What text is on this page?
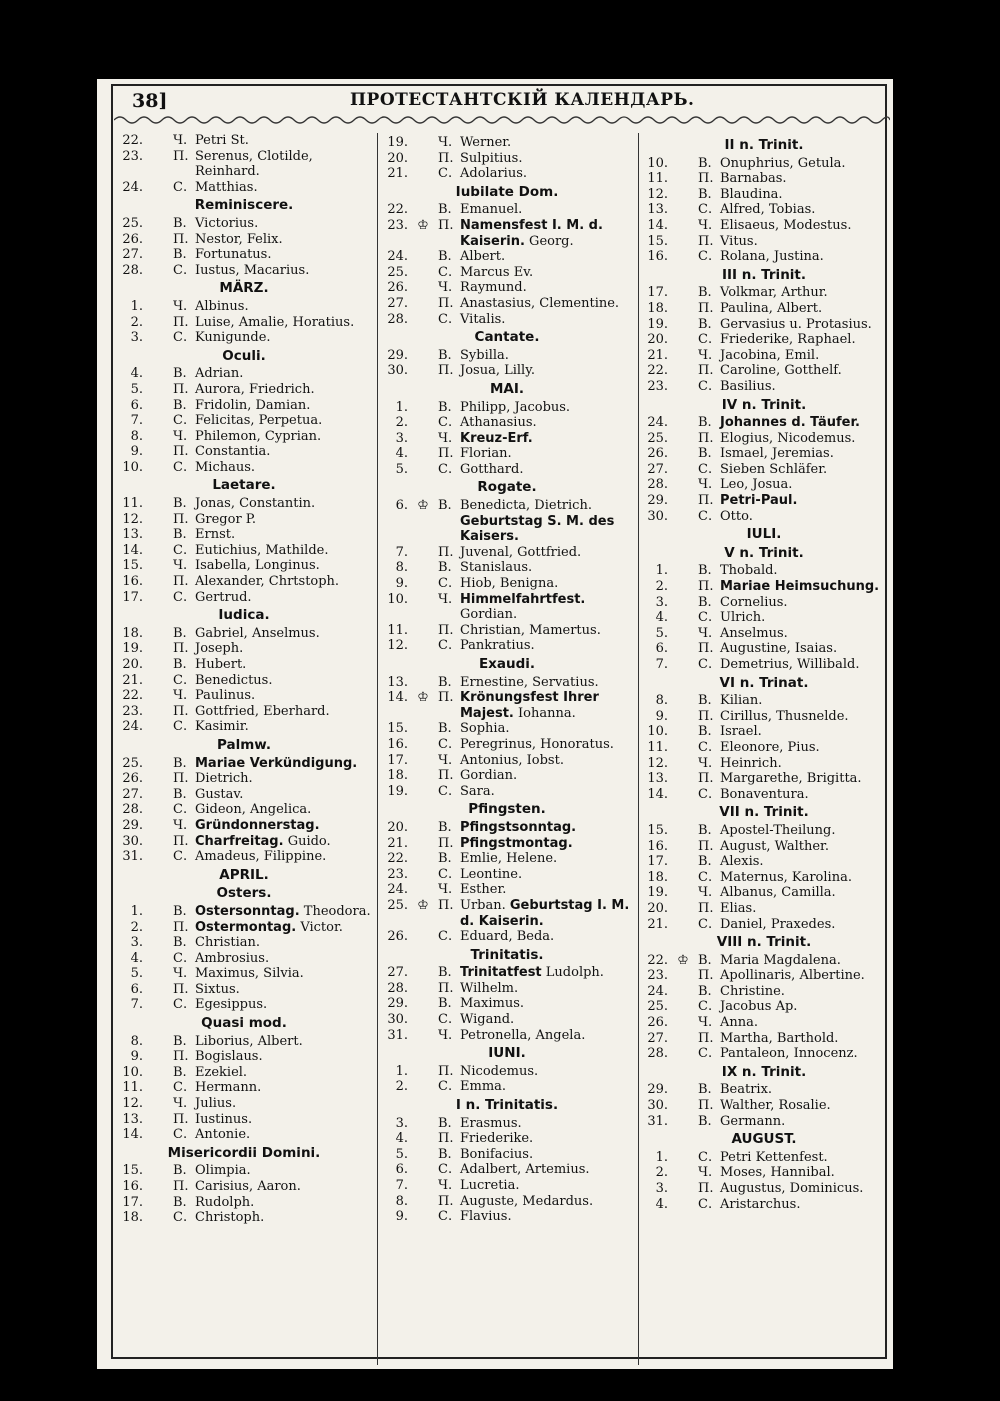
38]	ПРОТЕСТАНТСКIЙ КАЛЕНДАРЬ.
22. Ч. Petri St.
23. П. Serenus, Clotilde, Reinhard.
24. С. Matthias.
Reminiscere.
25. В. Victorius.
26. П. Nestor, Felix.
27. В. Fortunatus.
28. С. Iustus, Macarius.
MÄRZ.
1. Ч. Albinus.
2. П. Luise, Amalie, Horatius.
3. С. Kunigunde.
Oculi.
4. В. Adrian.
5. П. Aurora, Friedrich.
6. В. Fridolin, Damian.
7. С. Felicitas, Perpetua.
8. Ч. Philemon, Cyprian.
9. П. Constantia.
10. С. Michaus.
Laetare.
11. В. Jonas, Constantin.
12. П. Gregor P.
13. В. Ernst.
14. С. Eutichius, Mathilde.
15. Ч. Isabella, Longinus.
16. П. Alexander, Chrtstoph.
17. С. Gertrud.
Iudica.
18. В. Gabriel, Anselmus.
19. П. Joseph.
20. В. Hubert.
21. С. Benedictus.
22. Ч. Paulinus.
23. П. Gottfried, Eberhard.
24. С. Kasimir.
Palmw.
25. В. Mariae Verkündigung.
26. П. Dietrich.
27. В. Gustav.
28. С. Gideon, Angelica.
29. Ч. Gründonnerstag.
30. П. Charfreitag. Guido.
31. С. Amadeus, Filippine.
APRIL.
Osters.
1. В. Ostersonntag. Theodora.
2. П. Ostermontag. Victor.
3. В. Christian.
4. С. Ambrosius.
5. Ч. Maximus, Silvia.
6. П. Sixtus.
7. С. Egesippus.
Quasi mod.
8. В. Liborius, Albert.
9. П. Bogislaus.
10. В. Ezekiel.
11. С. Hermann.
12. Ч. Julius.
13. П. Iustinus.
14. С. Antonie.
Misericordii Domini.
15. В. Olimpia.
16. П. Carisius, Aaron.
17. В. Rudolph.
18. С. Christoph.
19. Ч. Werner.
20. П. Sulpitius.
21. С. Adolarius.
Iubilate Dom.
22. В. Emanuel.
23. ♔ П. Namensfest I. M. d. Kaiserin. Georg.
24. В. Albert.
25. С. Marcus Ev.
26. Ч. Raymund.
27. П. Anastasius, Clementine.
28. С. Vitalis.
Cantate.
29. В. Sybilla.
30. П. Josua, Lilly.
MAI.
1. В. Philipp, Jacobus.
2. С. Athanasius.
3. Ч. Kreuz-Erf.
4. П. Florian.
5. С. Gotthard.
Rogate.
6. ♔ В. Benedicta, Dietrich. Geburtstag S. M. des Kaisers.
7. П. Juvenal, Gottfried.
8. В. Stanislaus.
9. С. Hiob, Benigna.
10. Ч. Himmelfahrtfest. Gordian.
11. П. Christian, Mamertus.
12. С. Pankratius.
Exaudi.
13. В. Ernestine, Servatius.
14. ♔ П. Krönungsfest Ihrer Majest. Iohanna.
15. В. Sophia.
16. С. Peregrinus, Honoratus.
17. Ч. Antonius, Iobst.
18. П. Gordian.
19. С. Sara.
Pfingsten.
20. В. Pfingstsonntag.
21. П. Pfingstmontag.
22. В. Emlie, Helene.
23. С. Leontine.
24. Ч. Esther.
25. ♔ П. Urban. Geburtstag I. M. d. Kaiserin.
26. С. Eduard, Beda.
Trinitatis.
27. В. Trinitatfest Ludolph.
28. П. Wilhelm.
29. В. Maximus.
30. С. Wigand.
31. Ч. Petronella, Angela.
IUNI.
1. П. Nicodemus.
2. С. Emma.
I n. Trinitatis.
3. В. Erasmus.
4. П. Friederike.
5. В. Bonifacius.
6. С. Adalbert, Artemius.
7. Ч. Lucretia.
8. П. Auguste, Medardus.
9. С. Flavius.
II n. Trinit.
10. В. Onuphrius, Getula.
11. П. Barnabas.
12. В. Blaudina.
13. С. Alfred, Tobias.
14. Ч. Elisaeus, Modestus.
15. П. Vitus.
16. С. Rolana, Justina.
III n. Trinit.
17. В. Volkmar, Arthur.
18. П. Paulina, Albert.
19. В. Gervasius u. Protasius.
20. С. Friederike, Raphael.
21. Ч. Jacobina, Emil.
22. П. Caroline, Gotthelf.
23. С. Basilius.
IV n. Trinit.
24. В. Johannes d. Täufer.
25. П. Elogius, Nicodemus.
26. В. Ismael, Jeremias.
27. С. Sieben Schläfer.
28. Ч. Leo, Josua.
29. П. Petri-Paul.
30. С. Otto.
IULI.
V n. Trinit.
1. В. Thobald.
2. П. Mariae Heimsuchung.
3. В. Cornelius.
4. С. Ulrich.
5. Ч. Anselmus.
6. П. Augustine, Isaias.
7. С. Demetrius, Willibald.
VI n. Trinat.
8. В. Kilian.
9. П. Cirillus, Thusnelde.
10. В. Israel.
11. С. Eleonore, Pius.
12. Ч. Heinrich.
13. П. Margarethe, Brigitta.
14. С. Bonaventura.
VII n. Trinit.
15. В. Apostel-Theilung.
16. П. August, Walther.
17. В. Alexis.
18. С. Maternus, Karolina.
19. Ч. Albanus, Camilla.
20. П. Elias.
21. С. Daniel, Praxedes.
VIII n. Trinit.
22. ♔ В. Maria Magdalena.
23. П. Apollinaris, Albertine.
24. В. Christine.
25. С. Jacobus Ap.
26. Ч. Anna.
27. П. Martha, Barthold.
28. С. Pantaleon, Innocenz.
IX n. Trinit.
29. В. Beatrix.
30. П. Walther, Rosalie.
31. В. Germann.
AUGUST.
1. С. Petri Kettenfest.
2. Ч. Moses, Hannibal.
3. П. Augustus, Dominicus.
4. С. Aristarchus.
